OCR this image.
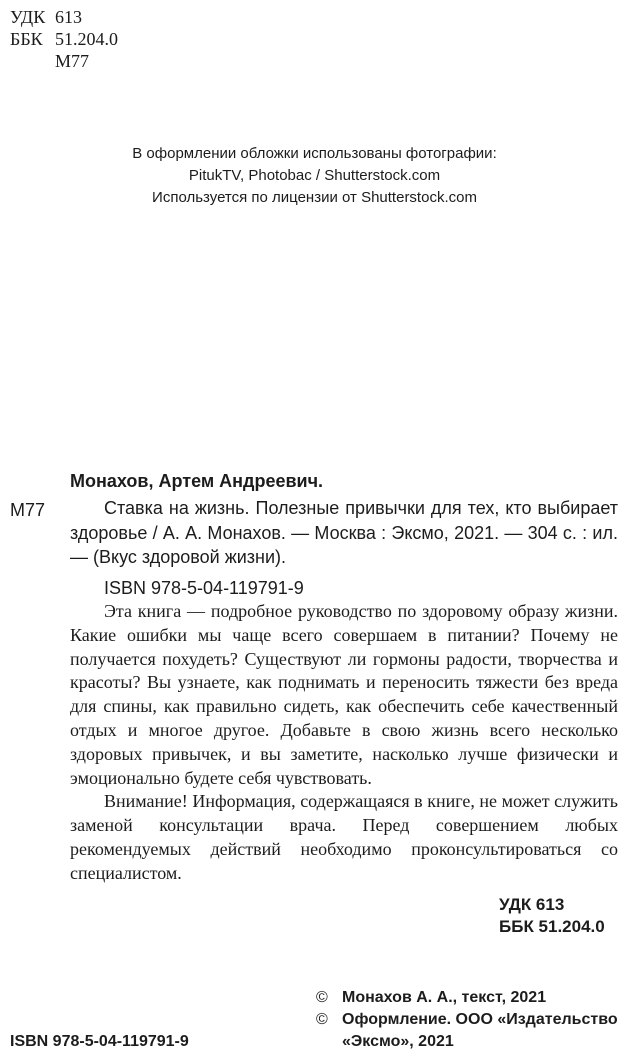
УДК 613
ББК 51.204.0
М77
В оформлении обложки использованы фотографии:
PitukTV, Photobac / Shutterstock.com
Используется по лицензии от Shutterstock.com
Монахов, Артем Андреевич.
М77	Ставка на жизнь. Полезные привычки для тех, кто выбирает здоровье / А. А. Монахов. — Москва : Эксмо, 2021. — 304 с. : ил. — (Вкус здоровой жизни).
ISBN 978-5-04-119791-9

Эта книга — подробное руководство по здоровому образу жизни. Какие ошибки мы чаще всего совершаем в питании? Почему не получается похудеть? Существуют ли гормоны радости, творчества и красоты? Вы узнаете, как поднимать и переносить тяжести без вреда для спины, как правильно сидеть, как обеспечить себе качественный отдых и многое другое. Добавьте в свою жизнь всего несколько здоровых привычек, и вы заметите, насколько лучше физически и эмоционально будете себя чувствовать.

Внимание! Информация, содержащаяся в книге, не может служить заменой консультации врача. Перед совершением любых рекомендуемых действий необходимо проконсультироваться со специалистом.

УДК 613
ББК 51.204.0
© Монахов А. А., текст, 2021
© Оформление. ООО «Издательство «Эксмо», 2021
ISBN 978-5-04-119791-9
